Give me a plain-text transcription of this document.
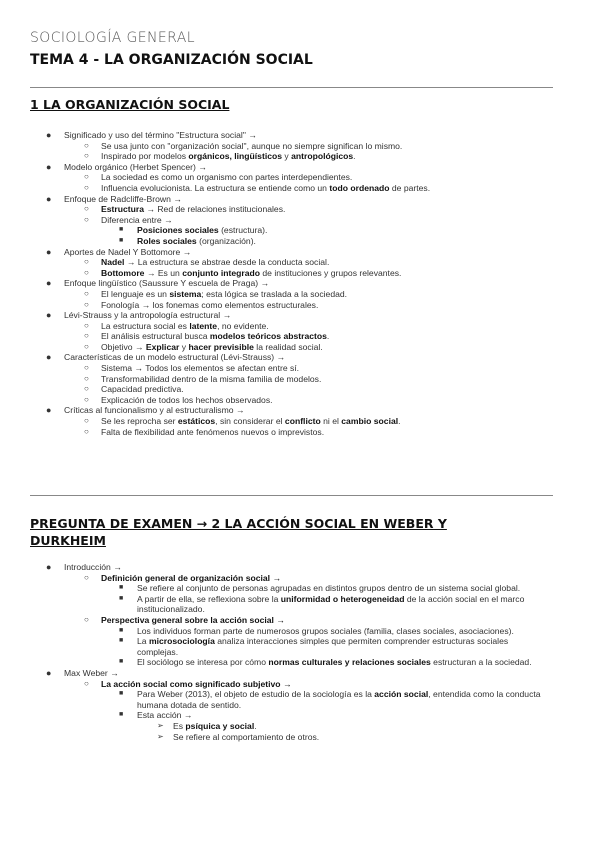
SOCIOLOGÍA GENERAL
TEMA 4 - LA ORGANIZACIÓN SOCIAL
1 LA ORGANIZACIÓN SOCIAL
● Significado y uso del término "Estructura social" →
○ Se usa junto con "organización social", aunque no siempre significan lo mismo.
○ Inspirado por modelos orgánicos, lingüísticos y antropológicos.
● Modelo orgánico (Herbet Spencer) →
○ La sociedad es como un organismo con partes interdependientes.
○ Influencia evolucionista. La estructura se entiende como un todo ordenado de partes.
● Enfoque de Radcliffe-Brown →
○ Estructura → Red de relaciones institucionales.
○ Diferencia entre →
■ Posiciones sociales (estructura).
■ Roles sociales (organización).
● Aportes de Nadel Y Bottomore →
○ Nadel → La estructura se abstrae desde la conducta social.
○ Bottomore → Es un conjunto integrado de instituciones y grupos relevantes.
● Enfoque lingüístico (Saussure Y escuela de Praga) →
○ El lenguaje es un sistema; esta lógica se traslada a la sociedad.
○ Fonología → los fonemas como elementos estructurales.
● Lévi-Strauss y la antropología estructural →
○ La estructura social es latente, no evidente.
○ El análisis estructural busca modelos teóricos abstractos.
○ Objetivo → Explicar y hacer previsible la realidad social.
● Características de un modelo estructural (Lévi-Strauss) →
○ Sistema → Todos los elementos se afectan entre sí.
○ Transformabilidad dentro de la misma familia de modelos.
○ Capacidad predictiva.
○ Explicación de todos los hechos observados.
● Críticas al funcionalismo y al estructuralismo →
○ Se les reprocha ser estáticos, sin considerar el conflicto ni el cambio social.
○ Falta de flexibilidad ante fenómenos nuevos o imprevistos.
PREGUNTA DE EXAMEN → 2 LA ACCIÓN SOCIAL EN WEBER Y DURKHEIM
● Introducción →
○ Definición general de organización social →
■ Se refiere al conjunto de personas agrupadas en distintos grupos dentro de un sistema social global.
■ A partir de ella, se reflexiona sobre la uniformidad o heterogeneidad de la acción social en el marco institucionalizado.
○ Perspectiva general sobre la acción social →
■ Los individuos forman parte de numerosos grupos sociales (familia, clases sociales, asociaciones).
■ La microsociología analiza interacciones simples que permiten comprender estructuras sociales complejas.
■ El sociólogo se interesa por cómo normas culturales y relaciones sociales estructuran a la sociedad.
● Max Weber →
○ La acción social como significado subjetivo →
■ Para Weber (2013), el objeto de estudio de la sociología es la acción social, entendida como la conducta humana dotada de sentido.
■ Esta acción →
➢ Es psíquica y social.
➢ Se refiere al comportamiento de otros.
